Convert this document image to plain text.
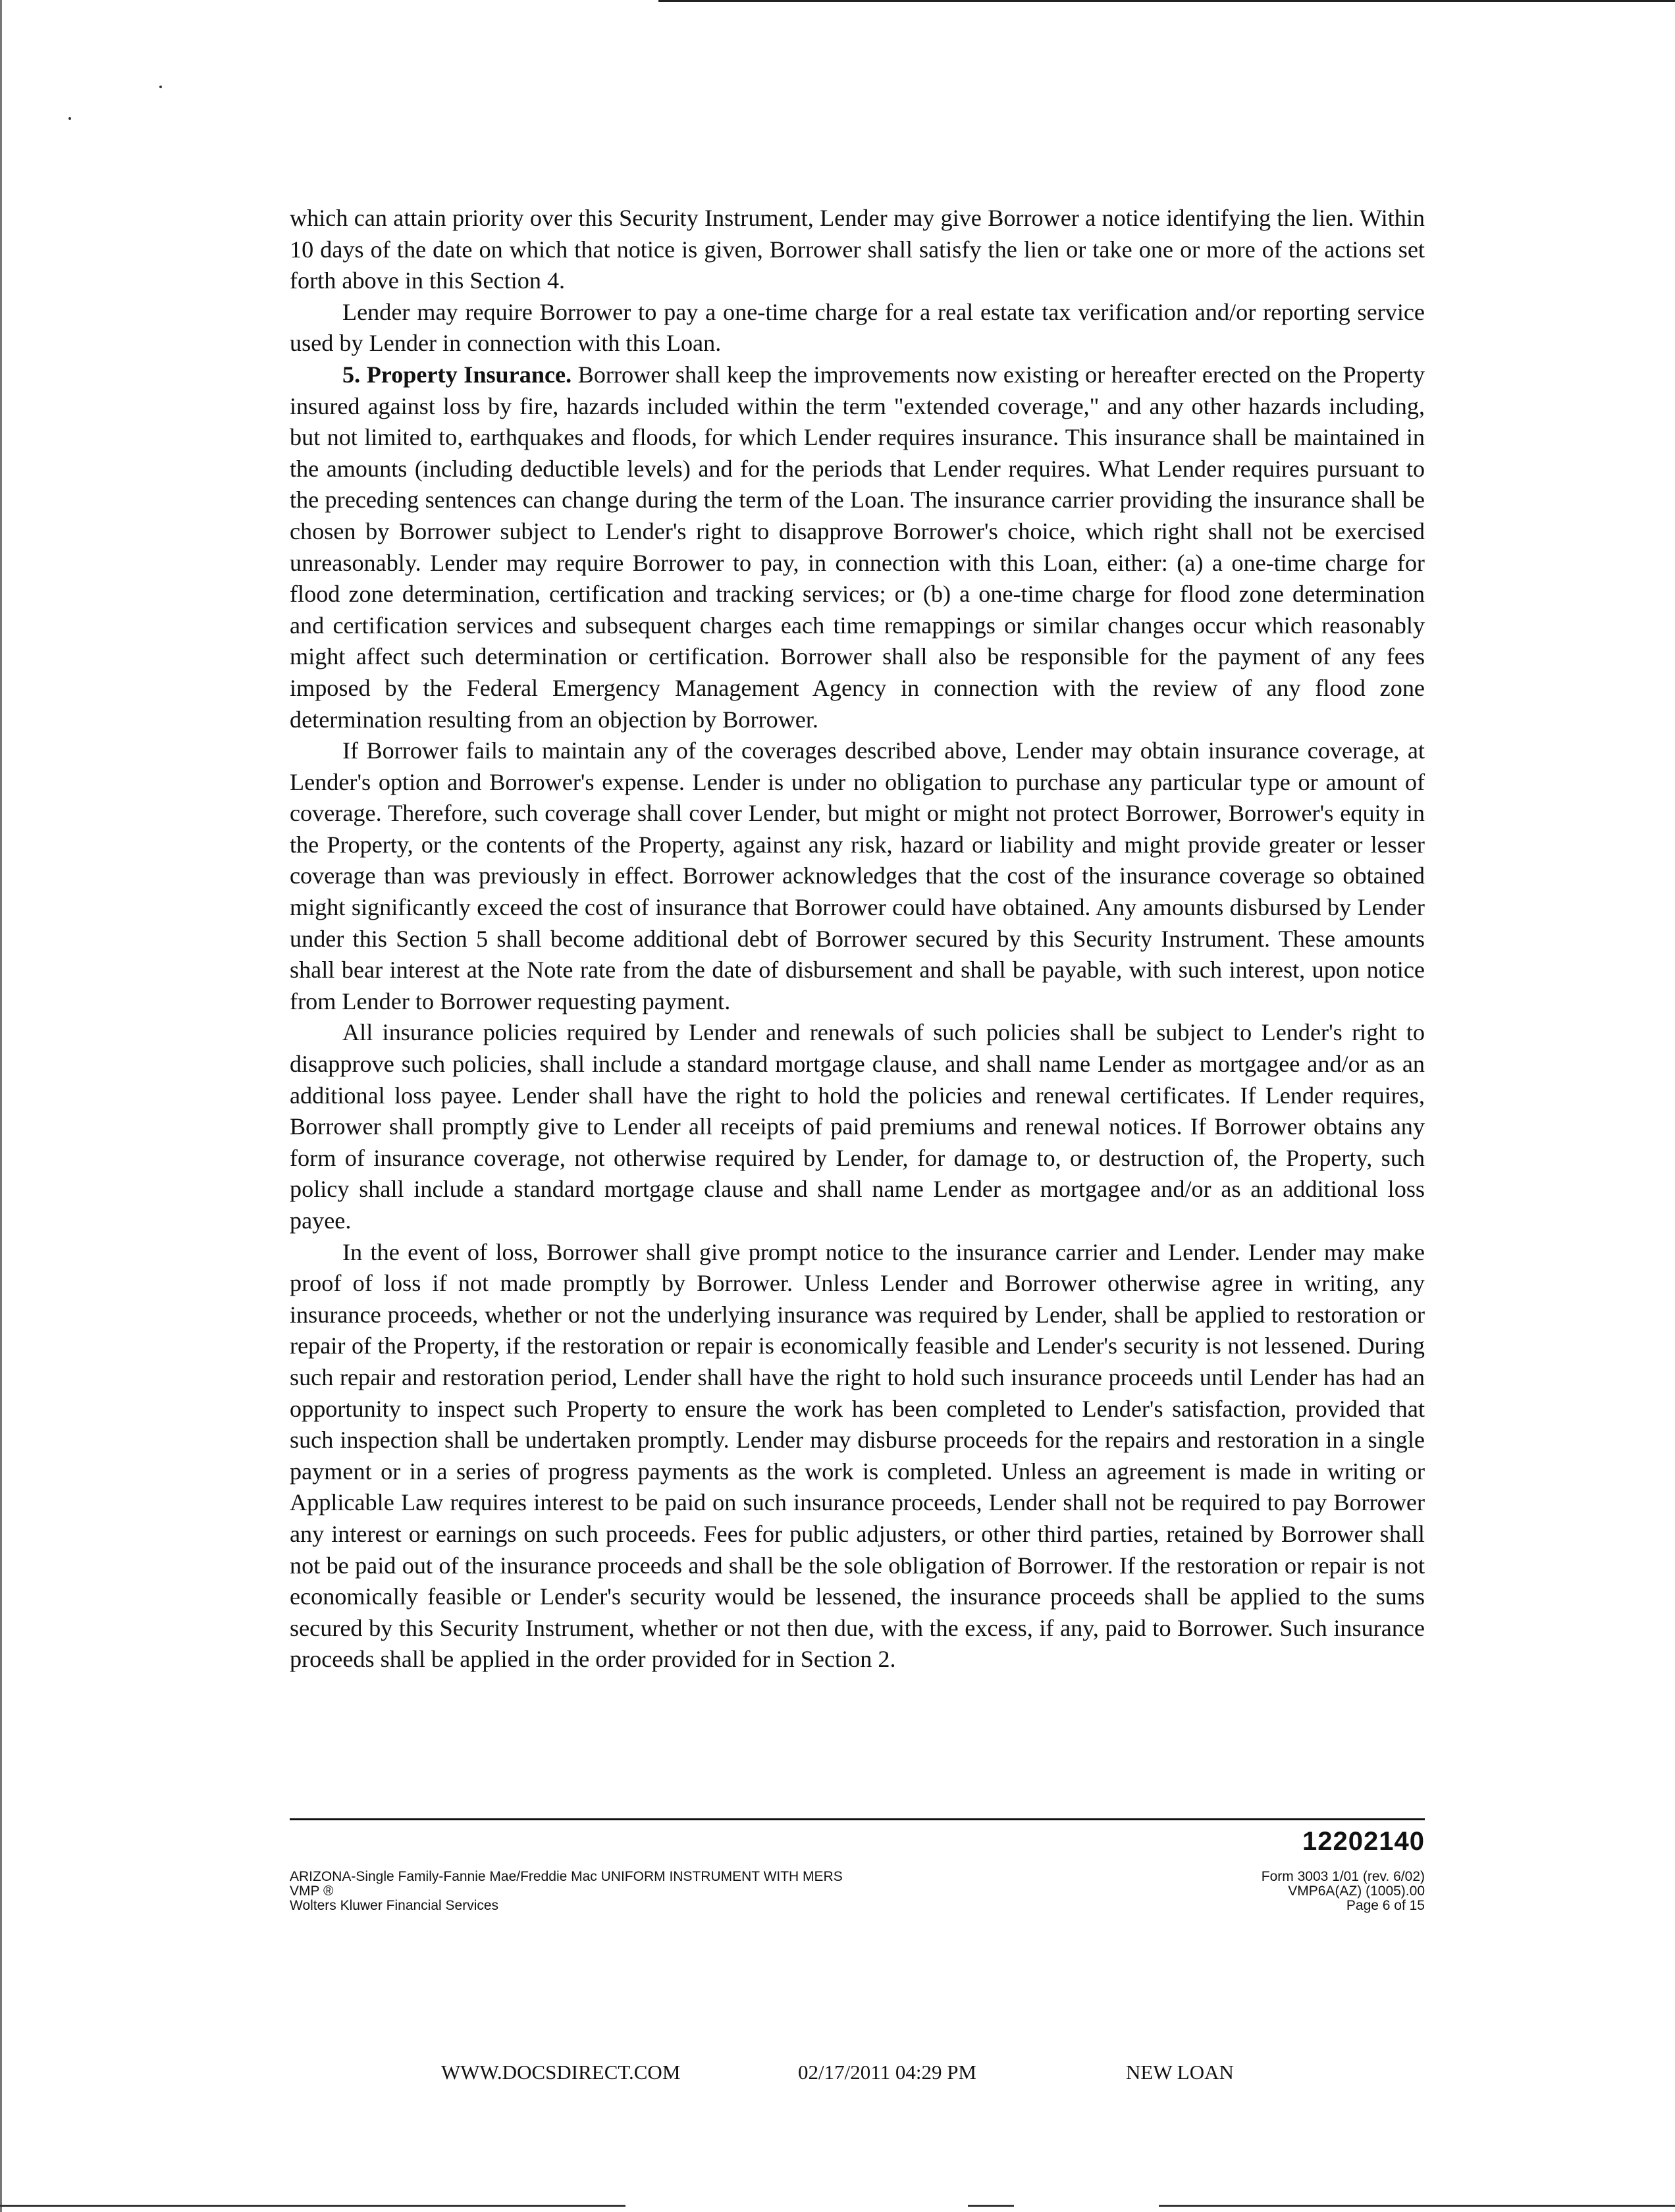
which can attain priority over this Security Instrument, Lender may give Borrower a notice identifying the lien. Within 10 days of the date on which that notice is given, Borrower shall satisfy the lien or take one or more of the actions set forth above in this Section 4.

Lender may require Borrower to pay a one-time charge for a real estate tax verification and/or reporting service used by Lender in connection with this Loan.

5. Property Insurance. Borrower shall keep the improvements now existing or hereafter erected on the Property insured against loss by fire, hazards included within the term "extended coverage," and any other hazards including, but not limited to, earthquakes and floods, for which Lender requires insurance. This insurance shall be maintained in the amounts (including deductible levels) and for the periods that Lender requires. What Lender requires pursuant to the preceding sentences can change during the term of the Loan. The insurance carrier providing the insurance shall be chosen by Borrower subject to Lender's right to disapprove Borrower's choice, which right shall not be exercised unreasonably. Lender may require Borrower to pay, in connection with this Loan, either: (a) a one-time charge for flood zone determination, certification and tracking services; or (b) a one-time charge for flood zone determination and certification services and subsequent charges each time remappings or similar changes occur which reasonably might affect such determination or certification. Borrower shall also be responsible for the payment of any fees imposed by the Federal Emergency Management Agency in connection with the review of any flood zone determination resulting from an objection by Borrower.

If Borrower fails to maintain any of the coverages described above, Lender may obtain insurance coverage, at Lender's option and Borrower's expense. Lender is under no obligation to purchase any particular type or amount of coverage. Therefore, such coverage shall cover Lender, but might or might not protect Borrower, Borrower's equity in the Property, or the contents of the Property, against any risk, hazard or liability and might provide greater or lesser coverage than was previously in effect. Borrower acknowledges that the cost of the insurance coverage so obtained might significantly exceed the cost of insurance that Borrower could have obtained. Any amounts disbursed by Lender under this Section 5 shall become additional debt of Borrower secured by this Security Instrument. These amounts shall bear interest at the Note rate from the date of disbursement and shall be payable, with such interest, upon notice from Lender to Borrower requesting payment.

All insurance policies required by Lender and renewals of such policies shall be subject to Lender's right to disapprove such policies, shall include a standard mortgage clause, and shall name Lender as mortgagee and/or as an additional loss payee. Lender shall have the right to hold the policies and renewal certificates. If Lender requires, Borrower shall promptly give to Lender all receipts of paid premiums and renewal notices. If Borrower obtains any form of insurance coverage, not otherwise required by Lender, for damage to, or destruction of, the Property, such policy shall include a standard mortgage clause and shall name Lender as mortgagee and/or as an additional loss payee.

In the event of loss, Borrower shall give prompt notice to the insurance carrier and Lender. Lender may make proof of loss if not made promptly by Borrower. Unless Lender and Borrower otherwise agree in writing, any insurance proceeds, whether or not the underlying insurance was required by Lender, shall be applied to restoration or repair of the Property, if the restoration or repair is economically feasible and Lender's security is not lessened. During such repair and restoration period, Lender shall have the right to hold such insurance proceeds until Lender has had an opportunity to inspect such Property to ensure the work has been completed to Lender's satisfaction, provided that such inspection shall be undertaken promptly. Lender may disburse proceeds for the repairs and restoration in a single payment or in a series of progress payments as the work is completed. Unless an agreement is made in writing or Applicable Law requires interest to be paid on such insurance proceeds, Lender shall not be required to pay Borrower any interest or earnings on such proceeds. Fees for public adjusters, or other third parties, retained by Borrower shall not be paid out of the insurance proceeds and shall be the sole obligation of Borrower. If the restoration or repair is not economically feasible or Lender's security would be lessened, the insurance proceeds shall be applied to the sums secured by this Security Instrument, whether or not then due, with the excess, if any, paid to Borrower. Such insurance proceeds shall be applied in the order provided for in Section 2.

12202140
ARIZONA-Single Family-Fannie Mae/Freddie Mac UNIFORM INSTRUMENT WITH MERS
VMP ®
Wolters Kluwer Financial Services
Form 3003 1/01 (rev. 6/02)
VMP6A(AZ) (1005).00
Page 6 of 15
WWW.DOCSDIRECT.COM	02/17/2011 04:29 PM	NEW LOAN
